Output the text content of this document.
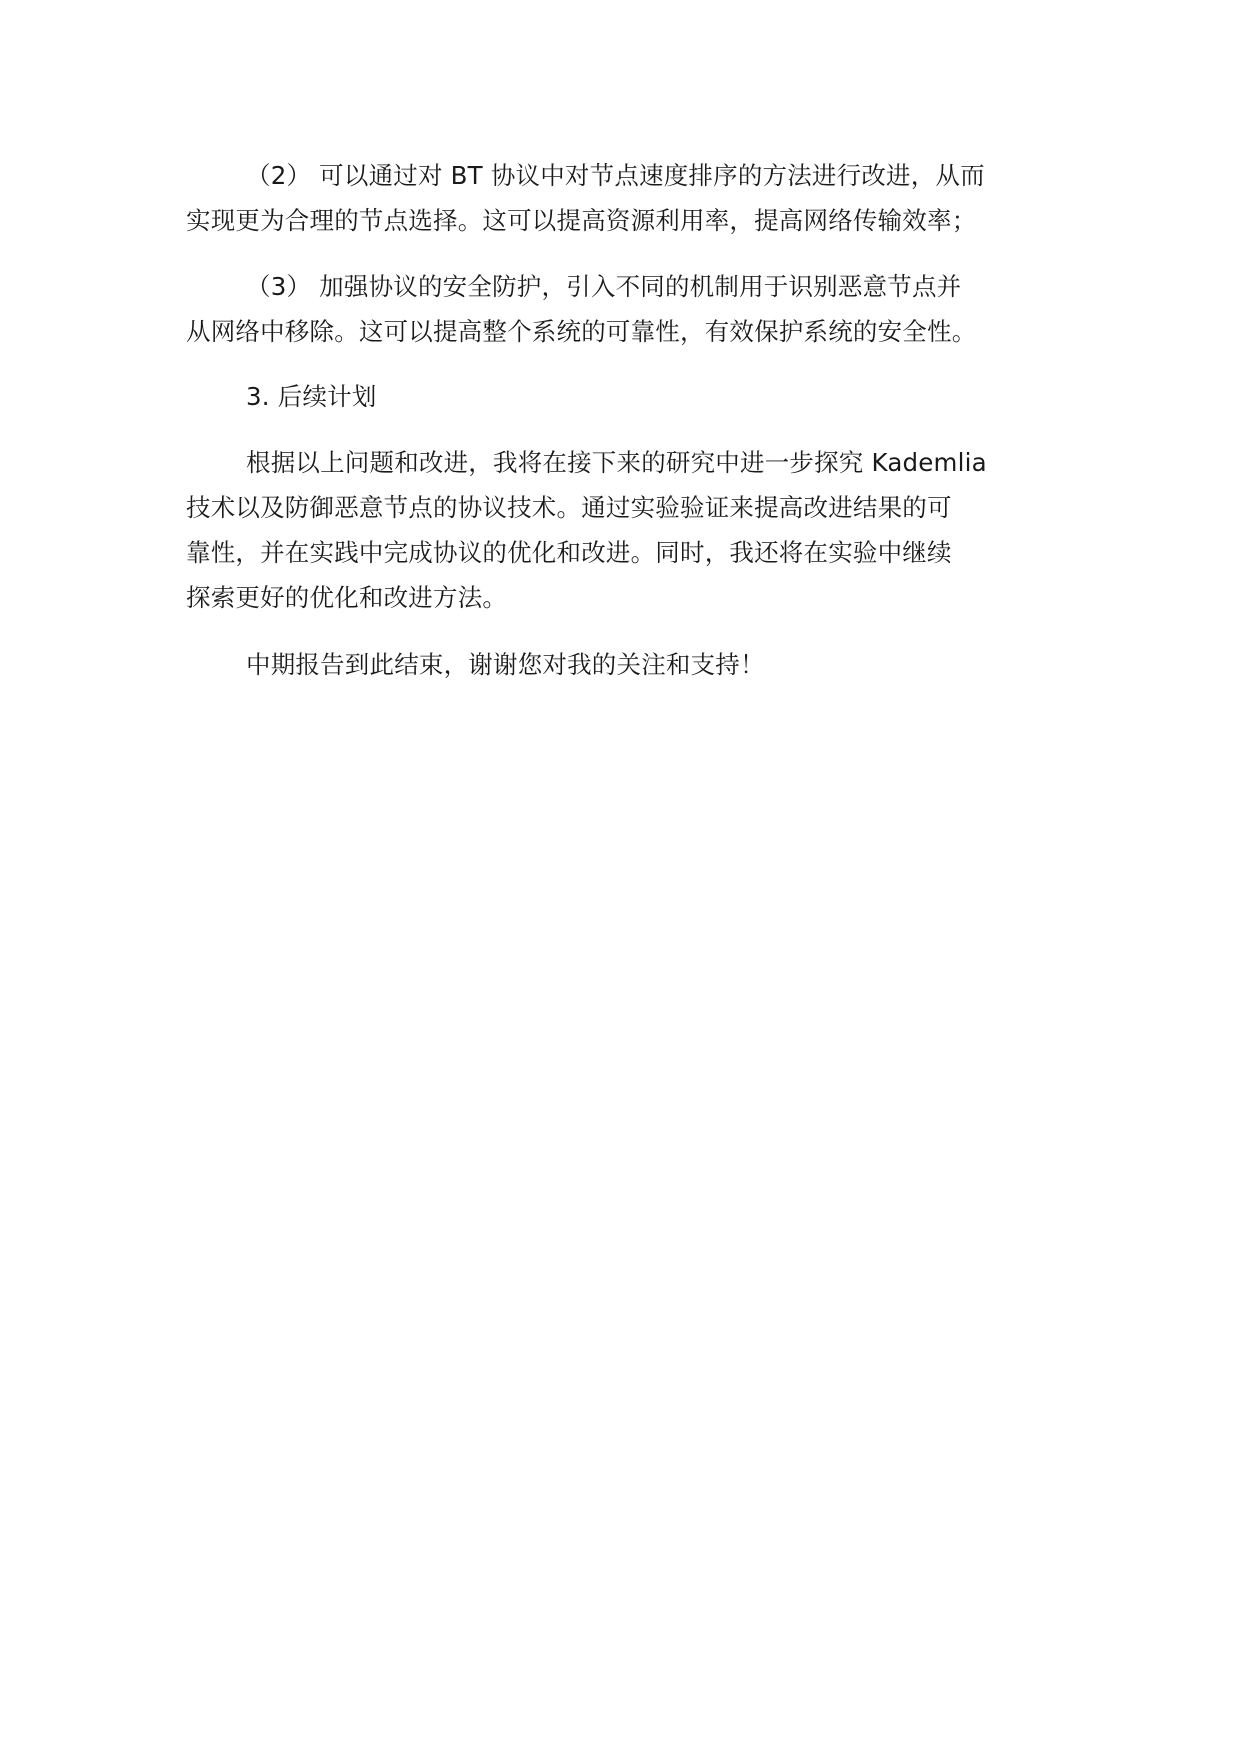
（2） 可以通过对 BT 协议中对节点速度排序的方法进行改进，从而
实现更为合理的节点选择。这可以提高资源利用率，提高网络传输效率；
（3） 加强协议的安全防护，引入不同的机制用于识别恶意节点并
从网络中移除。这可以提高整个系统的可靠性，有效保护系统的安全性。
3. 后续计划
根据以上问题和改进，我将在接下来的研究中进一步探究 Kademlia
技术以及防御恶意节点的协议技术。通过实验验证来提高改进结果的可
靠性，并在实践中完成协议的优化和改进。同时，我还将在实验中继续
探索更好的优化和改进方法。
中期报告到此结束，谢谢您对我的关注和支持！
